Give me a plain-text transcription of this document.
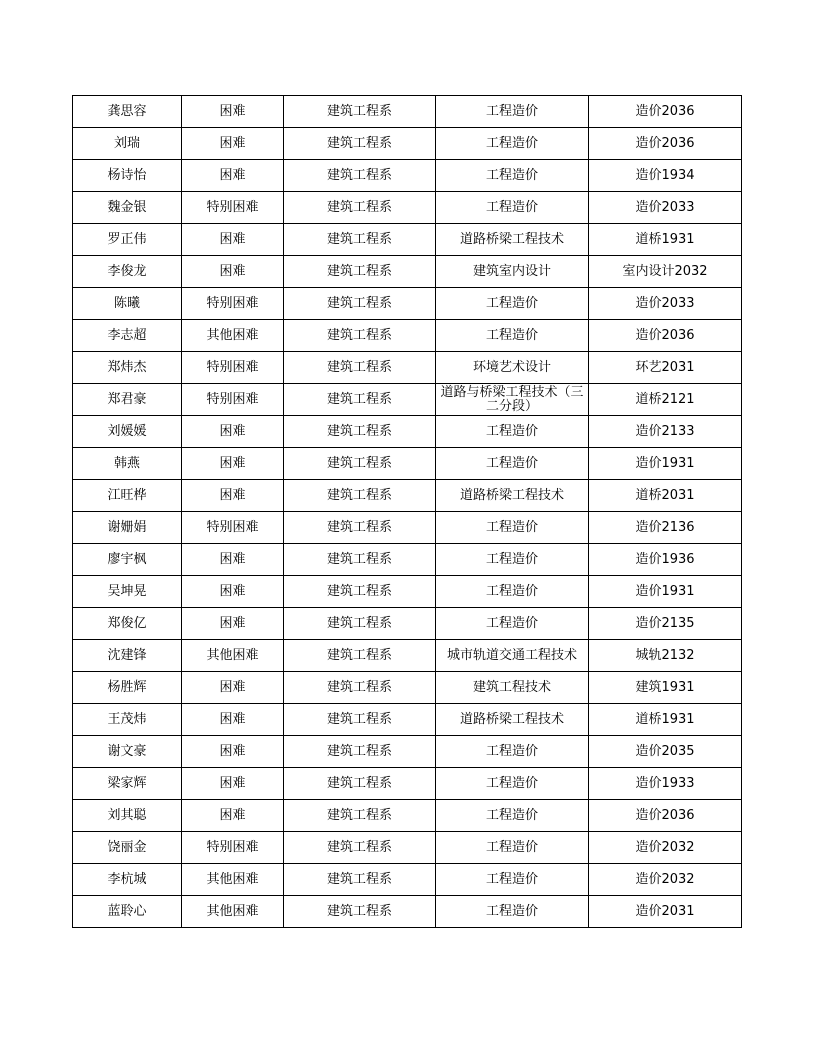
龚思容	困难	建筑工程系	工程造价	造价2036
刘瑞	困难	建筑工程系	工程造价	造价2036
杨诗怡	困难	建筑工程系	工程造价	造价1934
魏金银	特别困难	建筑工程系	工程造价	造价2033
罗正伟	困难	建筑工程系	道路桥梁工程技术	道桥1931
李俊龙	困难	建筑工程系	建筑室内设计	室内设计2032
陈曦	特别困难	建筑工程系	工程造价	造价2033
李志超	其他困难	建筑工程系	工程造价	造价2036
郑炜杰	特别困难	建筑工程系	环境艺术设计	环艺2031
郑君豪	特别困难	建筑工程系	道路与桥梁工程技术（三二分段）	道桥2121
刘媛媛	困难	建筑工程系	工程造价	造价2133
韩燕	困难	建筑工程系	工程造价	造价1931
江旺桦	困难	建筑工程系	道路桥梁工程技术	道桥2031
谢姗娟	特别困难	建筑工程系	工程造价	造价2136
廖宇枫	困难	建筑工程系	工程造价	造价1936
吴坤晃	困难	建筑工程系	工程造价	造价1931
郑俊亿	困难	建筑工程系	工程造价	造价2135
沈建锋	其他困难	建筑工程系	城市轨道交通工程技术	城轨2132
杨胜辉	困难	建筑工程系	建筑工程技术	建筑1931
王茂炜	困难	建筑工程系	道路桥梁工程技术	道桥1931
谢文豪	困难	建筑工程系	工程造价	造价2035
梁家辉	困难	建筑工程系	工程造价	造价1933
刘其聪	困难	建筑工程系	工程造价	造价2036
饶丽金	特别困难	建筑工程系	工程造价	造价2032
李杭城	其他困难	建筑工程系	工程造价	造价2032
蓝聆心	其他困难	建筑工程系	工程造价	造价2031
